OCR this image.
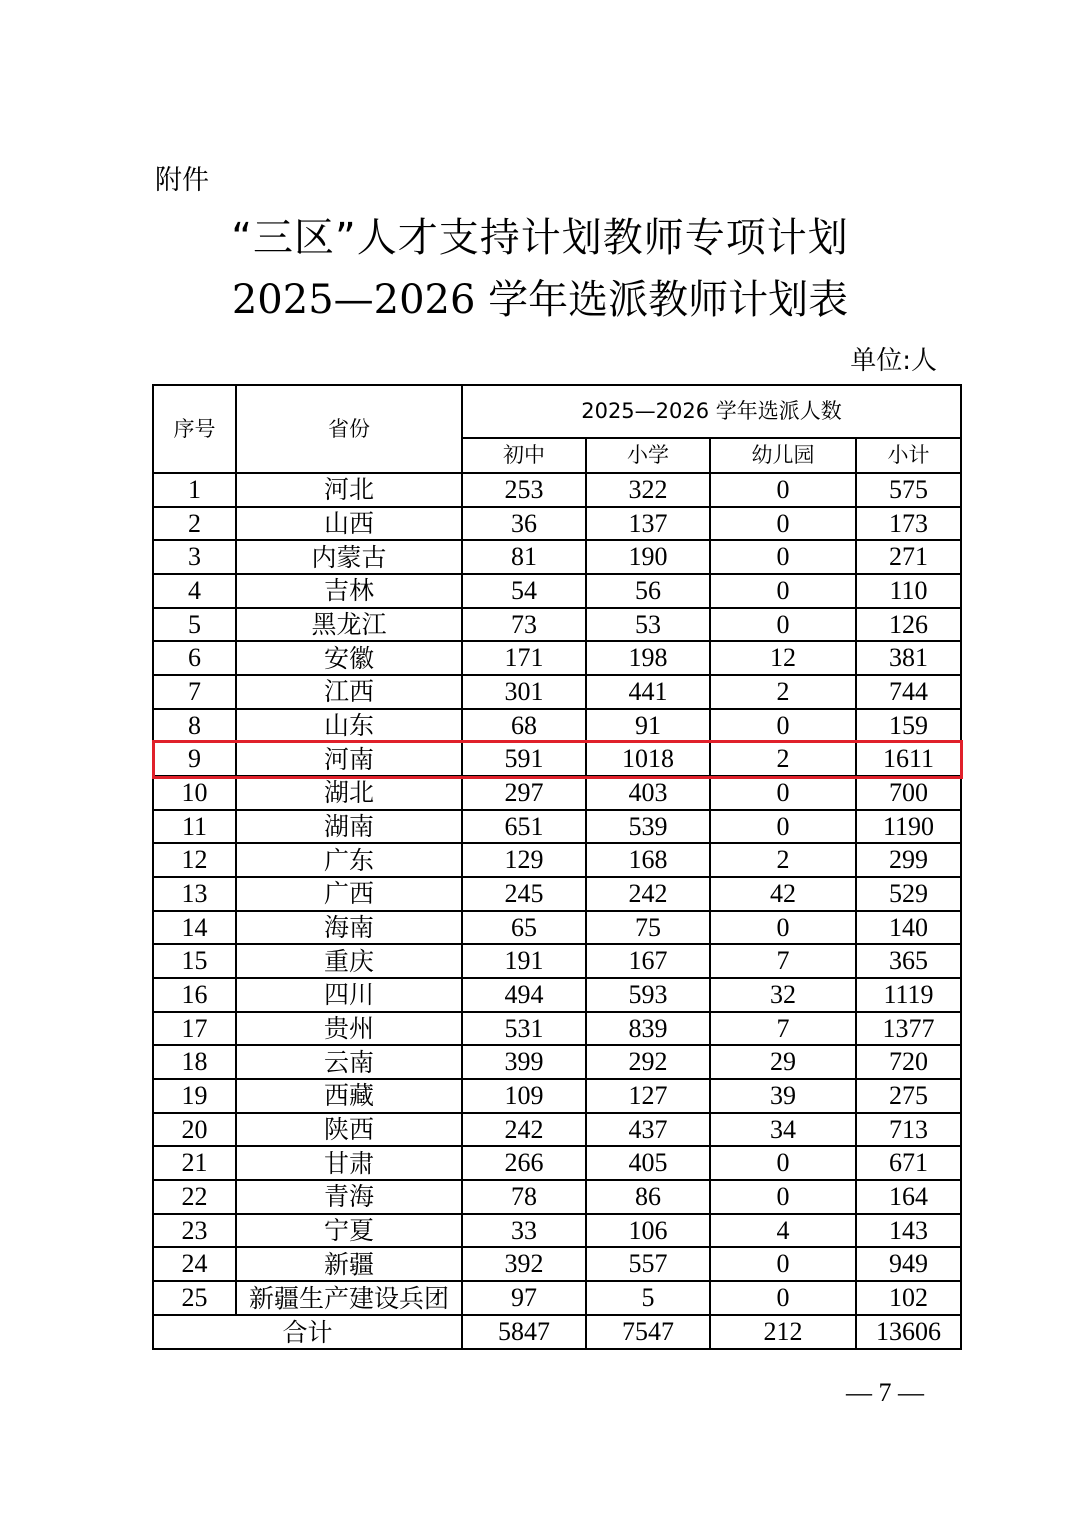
附件
“三区”人才支持计划教师专项计划
2025—2026 学年选派教师计划表
单位:人
序号	省份	2025—2026 学年选派人数			
		初中	小学	幼儿园	小计
1	河北	253	322	0	575
2	山西	36	137	0	173
3	内蒙古	81	190	0	271
4	吉林	54	56	0	110
5	黑龙江	73	53	0	126
6	安徽	171	198	12	381
7	江西	301	441	2	744
8	山东	68	91	0	159
9	河南	591	1018	2	1611
10	湖北	297	403	0	700
11	湖南	651	539	0	1190
12	广东	129	168	2	299
13	广西	245	242	42	529
14	海南	65	75	0	140
15	重庆	191	167	7	365
16	四川	494	593	32	1119
17	贵州	531	839	7	1377
18	云南	399	292	29	720
19	西藏	109	127	39	275
20	陕西	242	437	34	713
21	甘肃	266	405	0	671
22	青海	78	86	0	164
23	宁夏	33	106	4	143
24	新疆	392	557	0	949
25	新疆生产建设兵团	97	5	0	102
合计		5847	7547	212	13606
— 7 —
